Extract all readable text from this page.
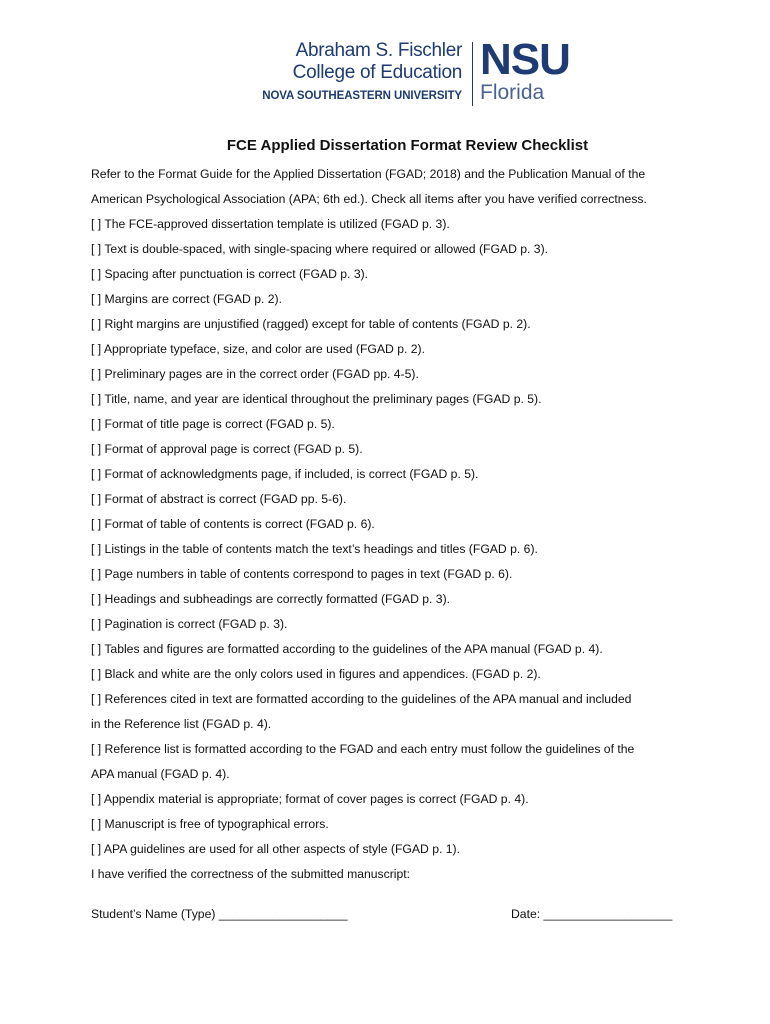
Abraham S. Fischler
College of Education
NOVA SOUTHEASTERN UNIVERSITY
NSU
Florida
FCE Applied Dissertation Format Review Checklist
Refer to the Format Guide for the Applied Dissertation (FGAD; 2018) and the Publication Manual of the
American Psychological Association (APA; 6th ed.). Check all items after you have verified correctness.
[ ] The FCE-approved dissertation template is utilized (FGAD p. 3).
[ ] Text is double-spaced, with single-spacing where required or allowed (FGAD p. 3).
[ ] Spacing after punctuation is correct (FGAD p. 3).
[ ] Margins are correct (FGAD p. 2).
[ ] Right margins are unjustified (ragged) except for table of contents (FGAD p. 2).
[ ] Appropriate typeface, size, and color are used (FGAD p. 2).
[ ] Preliminary pages are in the correct order (FGAD pp. 4-5).
[ ] Title, name, and year are identical throughout the preliminary pages (FGAD p. 5).
[ ] Format of title page is correct (FGAD p. 5).
[ ] Format of approval page is correct (FGAD p. 5).
[ ] Format of acknowledgments page, if included, is correct (FGAD p. 5).
[ ] Format of abstract is correct (FGAD pp. 5-6).
[ ] Format of table of contents is correct (FGAD p. 6).
[ ] Listings in the table of contents match the text’s headings and titles (FGAD p. 6).
[ ] Page numbers in table of contents correspond to pages in text (FGAD p. 6).
[ ] Headings and subheadings are correctly formatted (FGAD p. 3).
[ ] Pagination is correct (FGAD p. 3).
[ ] Tables and figures are formatted according to the guidelines of the APA manual (FGAD p. 4).
[ ] Black and white are the only colors used in figures and appendices. (FGAD p. 2).
[ ] References cited in text are formatted according to the guidelines of the APA manual and included
in the Reference list (FGAD p. 4).
[ ] Reference list is formatted according to the FGAD and each entry must follow the guidelines of the
APA manual (FGAD p. 4).
[ ] Appendix material is appropriate; format of cover pages is correct (FGAD p. 4).
[ ] Manuscript is free of typographical errors.
[ ] APA guidelines are used for all other aspects of style (FGAD p. 1).
I have verified the correctness of the submitted manuscript:
Student’s Name (Type) ___________________	Date: ___________________
